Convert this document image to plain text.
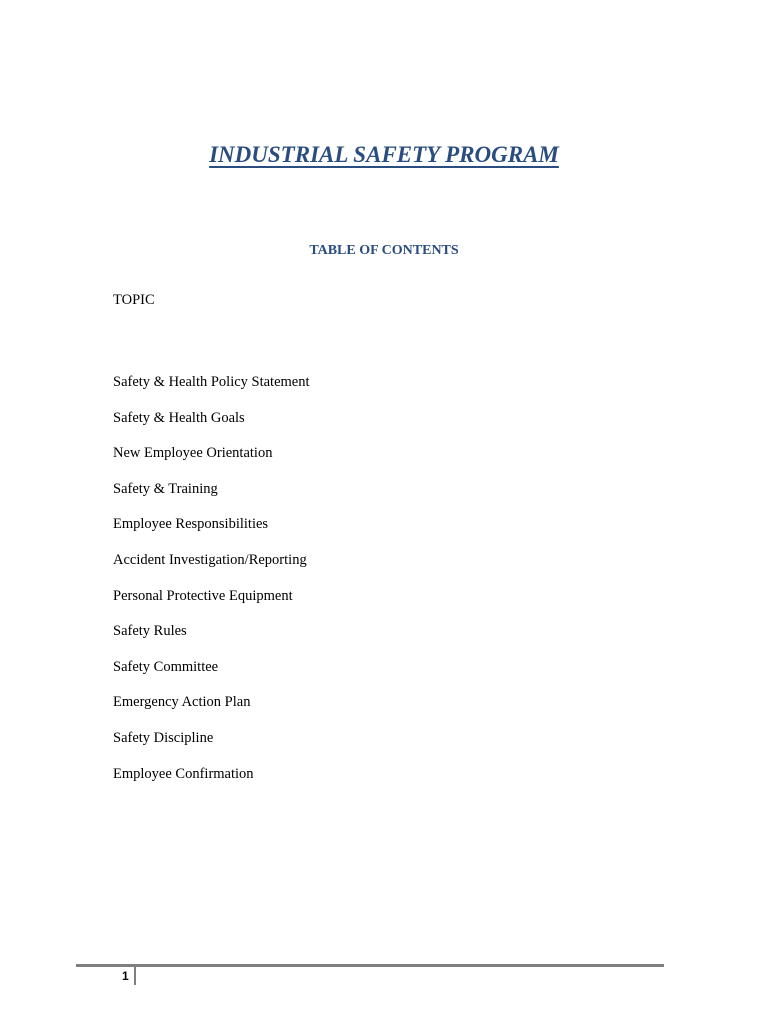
INDUSTRIAL SAFETY PROGRAM
TABLE OF CONTENTS

TOPIC

Safety & Health Policy Statement
Safety & Health Goals
New Employee Orientation
Safety & Training
Employee Responsibilities
Accident Investigation/Reporting
Personal Protective Equipment
Safety Rules
Safety Committee
Emergency Action Plan
Safety Discipline
Employee Confirmation
1
